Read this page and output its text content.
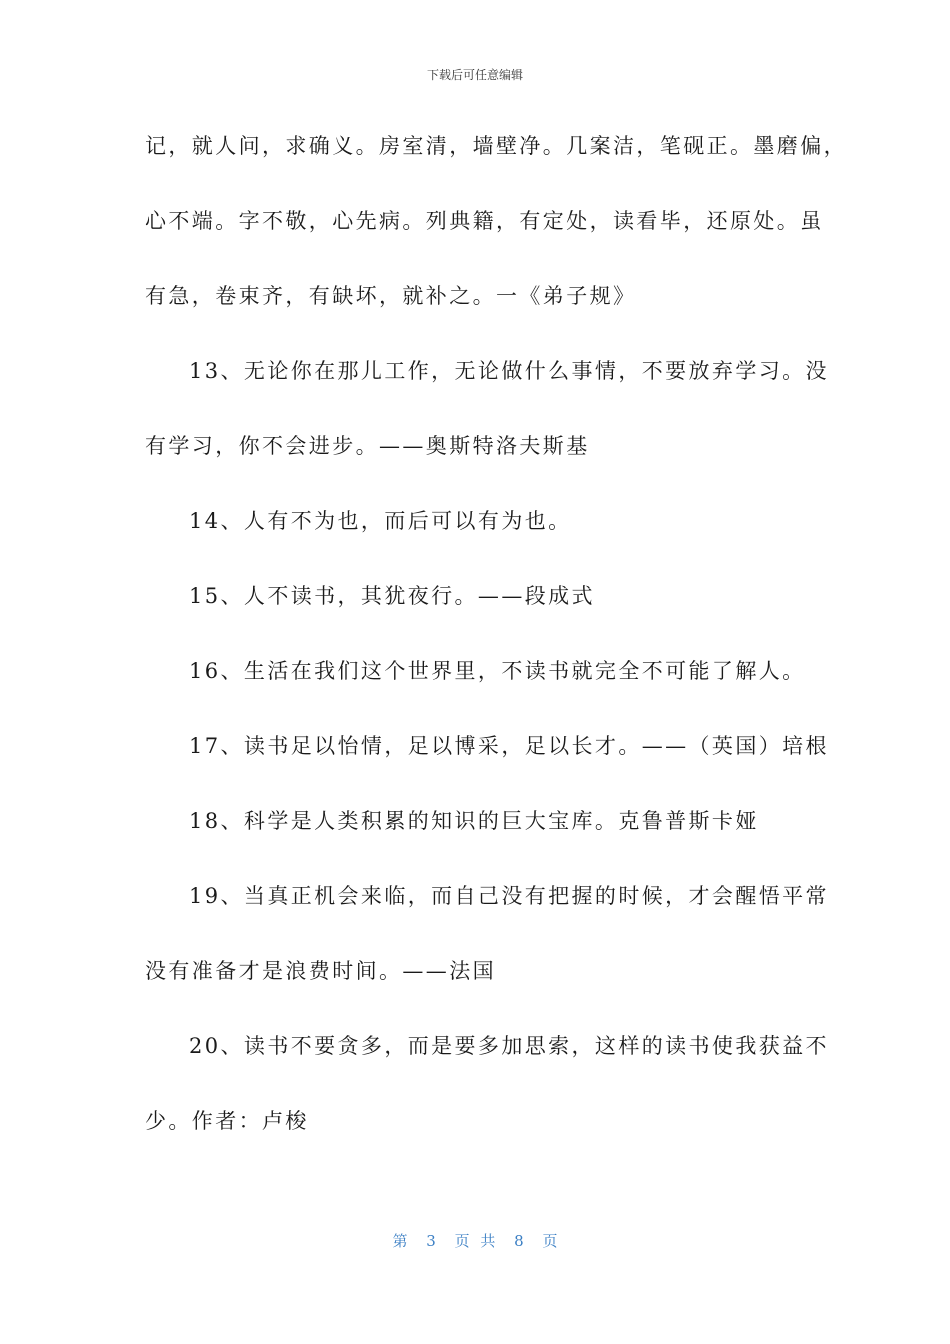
下载后可任意编辑
记，就人问，求确义。房室清，墙壁净。几案洁，笔砚正。墨磨偏，
心不端。字不敬，心先病。列典籍，有定处，读看毕，还原处。虽
有急，卷束齐，有缺坏，就补之。一《弟子规》
13、无论你在那儿工作，无论做什么事情，不要放弃学习。没
有学习，你不会进步。——奥斯特洛夫斯基
14、人有不为也，而后可以有为也。
15、人不读书，其犹夜行。——段成式
16、生活在我们这个世界里，不读书就完全不可能了解人。
17、读书足以怡情，足以博采，足以长才。——（英国）培根
18、科学是人类积累的知识的巨大宝库。克鲁普斯卡娅
19、当真正机会来临，而自己没有把握的时候，才会醒悟平常
没有准备才是浪费时间。——法国
20、读书不要贪多，而是要多加思索，这样的读书使我获益不
少。作者：卢梭
第 3 页 共 8 页
